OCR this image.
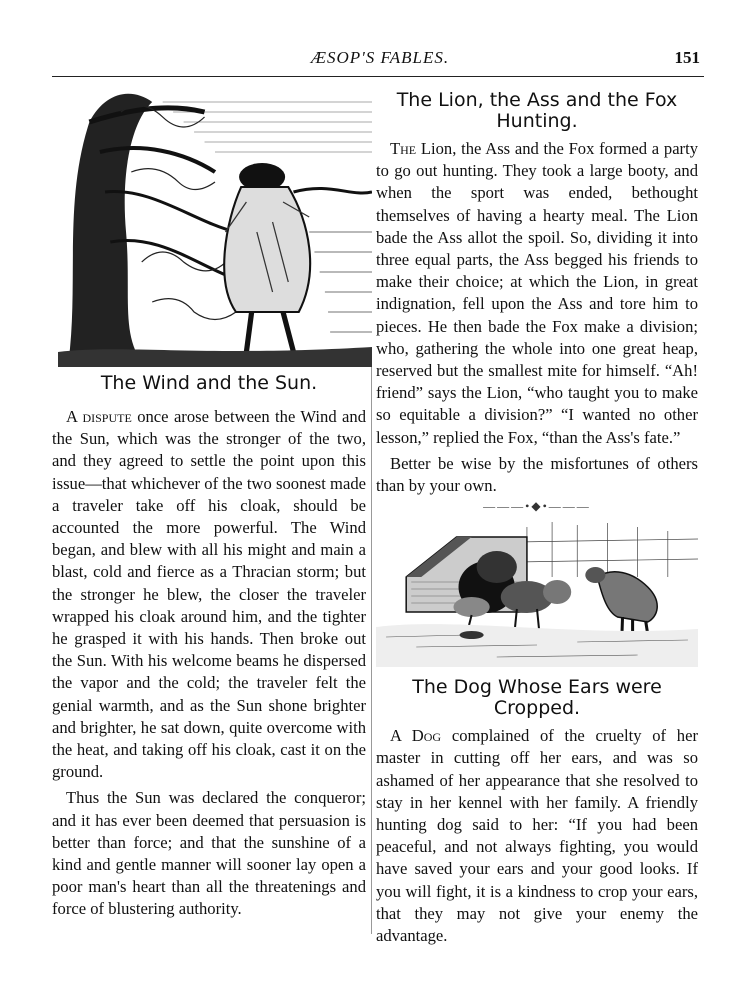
ÆSOP'S FABLES.	151
The Wind and the Sun.

A dispute once arose between the Wind and the Sun, which was the stronger of the two, and they agreed to settle the point upon this issue—that whichever of the two soonest made a traveler take off his cloak, should be accounted the more powerful. The Wind began, and blew with all his might and main a blast, cold and fierce as a Thracian storm; but the stronger he blew, the closer the traveler wrapped his cloak around him, and the tighter he grasped it with his hands. Then broke out the Sun. With his welcome beams he dispersed the vapor and the cold; the traveler felt the genial warmth, and as the Sun shone brighter and brighter, he sat down, quite overcome with the heat, and taking off his cloak, cast it on the ground.

Thus the Sun was declared the conqueror; and it has ever been deemed that persuasion is better than force; and that the sunshine of a kind and gentle manner will sooner lay open a poor man's heart than all the threatenings and force of blustering authority.

The Lion, the Ass and the Fox Hunting.

The Lion, the Ass and the Fox formed a party to go out hunting. They took a large booty, and when the sport was ended, bethought themselves of having a hearty meal. The Lion bade the Ass allot the spoil. So, dividing it into three equal parts, the Ass begged his friends to make their choice; at which the Lion, in great indignation, fell upon the Ass and tore him to pieces. He then bade the Fox make a division; who, gathering the whole into one great heap, reserved but the smallest mite for himself. “Ah! friend” says the Lion, “who taught you to make so equitable a division?” “I wanted no other lesson,” replied the Fox, “than the Ass's fate.”

Better be wise by the misfortunes of others than by your own.

———•◆•———
The Dog Whose Ears were Cropped.

A Dog complained of the cruelty of her master in cutting off her ears, and was so ashamed of her appearance that she resolved to stay in her kennel with her family. A friendly hunting dog said to her: “If you had been peaceful, and not always fighting, you would have saved your ears and your good looks. If you will fight, it is a kindness to crop your ears, that they may not give your enemy the advantage.
